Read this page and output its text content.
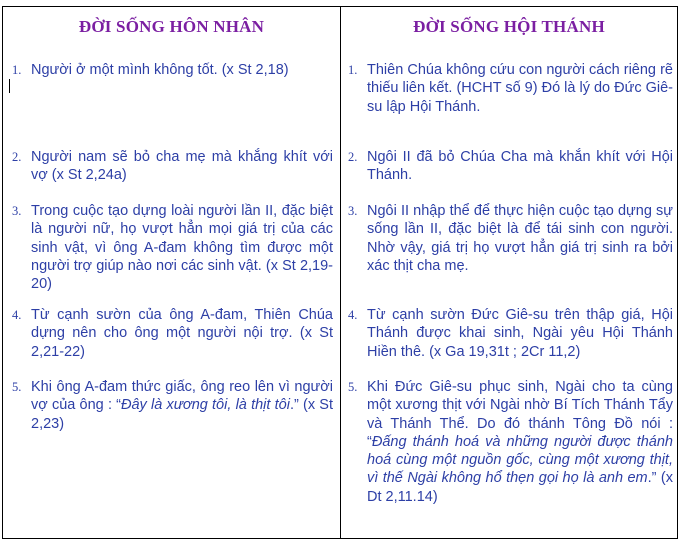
ĐỜI SỐNG HÔN NHÂN
1. Người ở một mình không tốt. (x St 2,18)
2. Người nam sẽ bỏ cha mẹ mà khắng khít với vợ (x St 2,24a)
3. Trong cuộc tạo dựng loài người lần II, đặc biệt là người nữ, họ vượt hẳn mọi giá trị của các sinh vật, vì ông A-đam không tìm được một người trợ giúp nào nơi các sinh vật. (x St 2,19-20)
4. Từ cạnh sườn của ông A-đam, Thiên Chúa dựng nên cho ông một người nội trợ. (x St 2,21-22)
5. Khi ông A-đam thức giấc, ông reo lên vì người vợ của ông : “Đây là xương tôi, là thịt tôi.” (x St 2,23)
ĐỜI SỐNG HỘI THÁNH
1. Thiên Chúa không cứu con người cách riêng rẽ thiếu liên kết. (HCHT số 9) Đó là lý do Đức Giê-su lập Hội Thánh.
2. Ngôi II đã bỏ Chúa Cha mà khắn khít với Hội Thánh.
3. Ngôi II nhập thể để thực hiện cuộc tạo dựng sự sống lần II, đặc biệt là để tái sinh con người. Nhờ vậy, giá trị họ vượt hẳn giá trị sinh ra bởi xác thịt cha mẹ.
4. Từ cạnh sườn Đức Giê-su trên thập giá, Hội Thánh được khai sinh, Ngài yêu Hội Thánh Hiền thê. (x Ga 19,31t ; 2Cr 11,2)
5. Khi Đức Giê-su phục sinh, Ngài cho ta cùng một xương thịt với Ngài nhờ Bí Tích Thánh Tẩy và Thánh Thể. Do đó thánh Tông Đồ nói : “Đấng thánh hoá và những người được thánh hoá cùng một nguồn gốc, cùng một xương thịt, vì thế Ngài không hổ thẹn gọi họ là anh em.” (x Dt 2,11.14)
